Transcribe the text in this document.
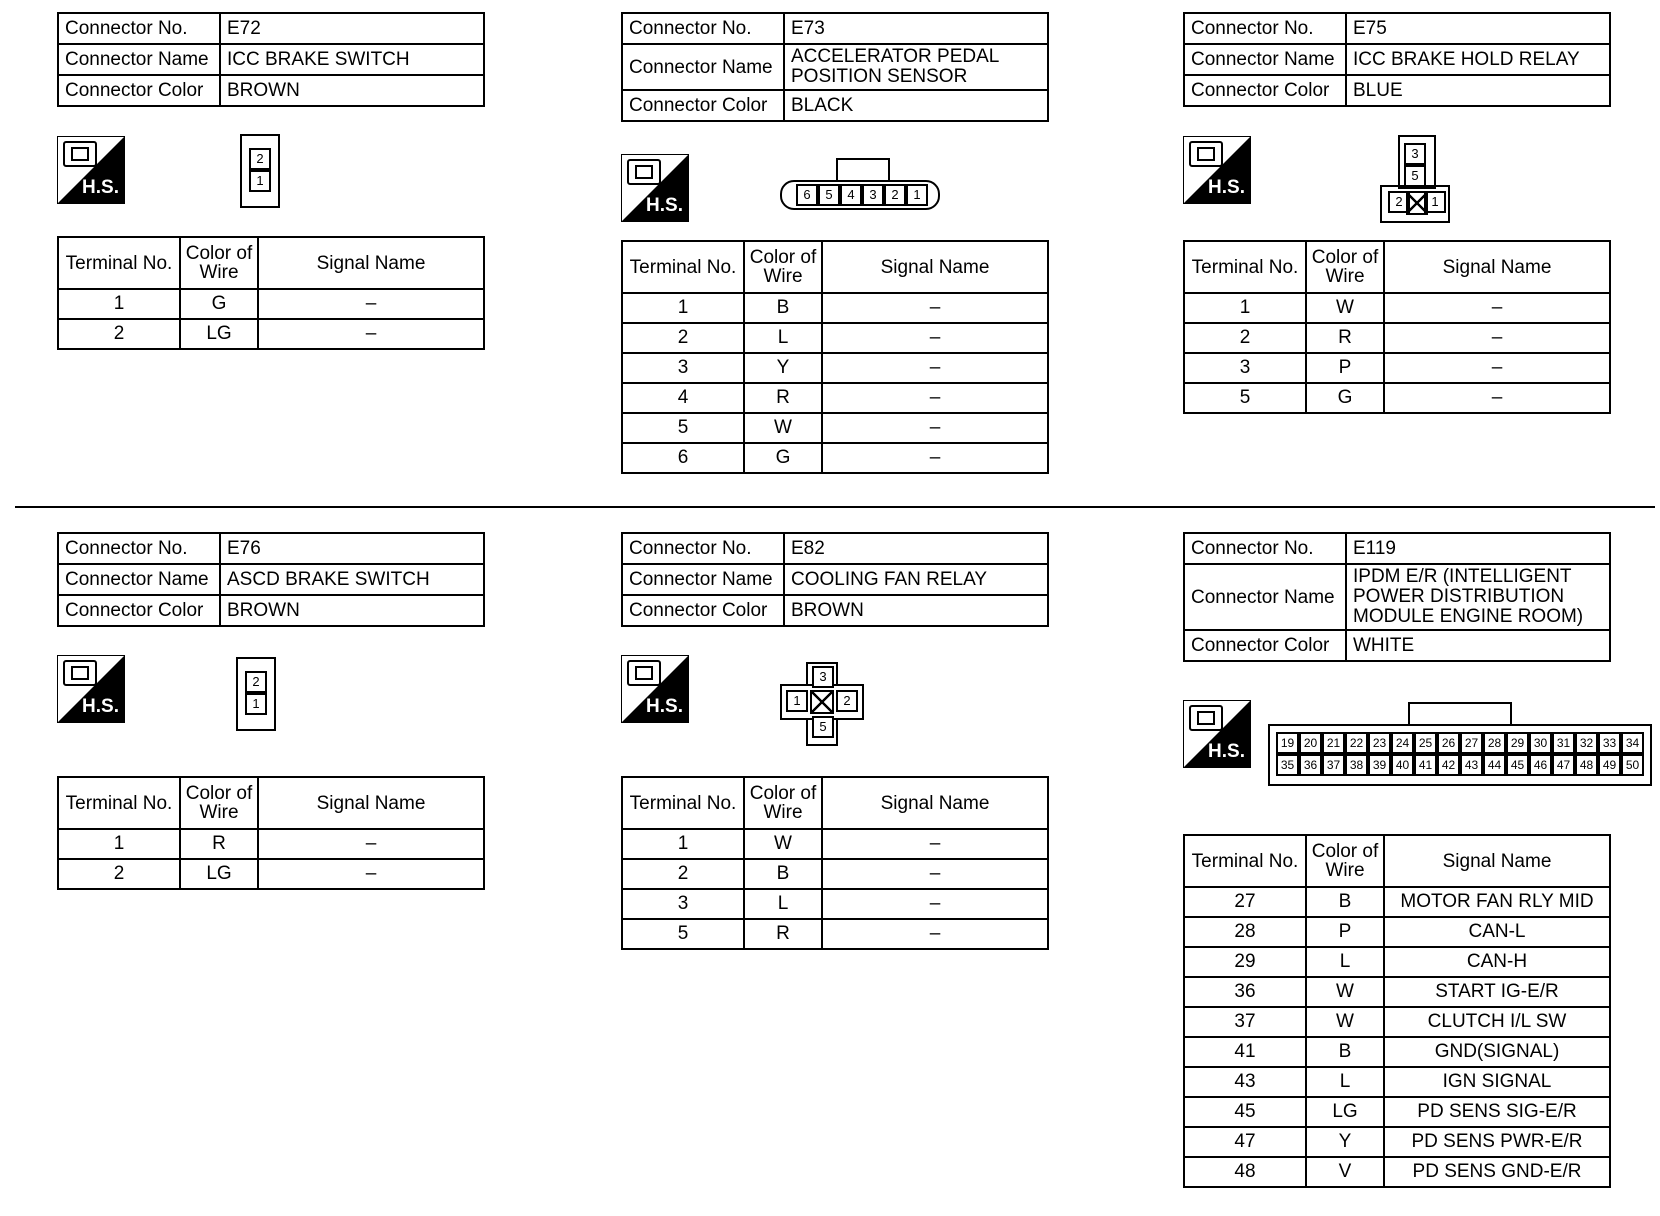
Connector No.	E72
Connector Name	ICC BRAKE SWITCH
Connector Color	BROWN
H.S.
2
1
Terminal No.	Color of Wire	Signal Name
1	G	–
2	LG	–
Connector No.	E73
Connector Name	ACCELERATOR PEDAL POSITION SENSOR
Connector Color	BLACK
H.S.
6	5	4	3	2	1
Terminal No.	Color of Wire	Signal Name
1	B	–
2	L	–
3	Y	–
4	R	–
5	W	–
6	G	–
Connector No.	E75
Connector Name	ICC BRAKE HOLD RELAY
Connector Color	BLUE
H.S.
3
5
2	1
Terminal No.	Color of Wire	Signal Name
1	W	–
2	R	–
3	P	–
5	G	–
Connector No.	E76
Connector Name	ASCD BRAKE SWITCH
Connector Color	BROWN
H.S.
2
1
Terminal No.	Color of Wire	Signal Name
1	R	–
2	LG	–
Connector No.	E82
Connector Name	COOLING FAN RELAY
Connector Color	BROWN
H.S.
3
1	2
5
Terminal No.	Color of Wire	Signal Name
1	W	–
2	B	–
3	L	–
5	R	–
Connector No.	E119
Connector Name	IPDM E/R (INTELLIGENT POWER DISTRIBUTION MODULE ENGINE ROOM)
Connector Color	WHITE
H.S.	19 20 21 22 23 24 25 26 27 28 29 30 31 32 33 34
35 36 37 38 39 40 41 42 43 44 45 46 47 48 49 50
Terminal No.	Color of Wire	Signal Name
27	B	MOTOR FAN RLY MID
28	P	CAN-L
29	L	CAN-H
36	W	START IG-E/R
37	W	CLUTCH I/L SW
41	B	GND(SIGNAL)
43	L	IGN SIGNAL
45	LG	PD SENS SIG-E/R
47	Y	PD SENS PWR-E/R
48	V	PD SENS GND-E/R
